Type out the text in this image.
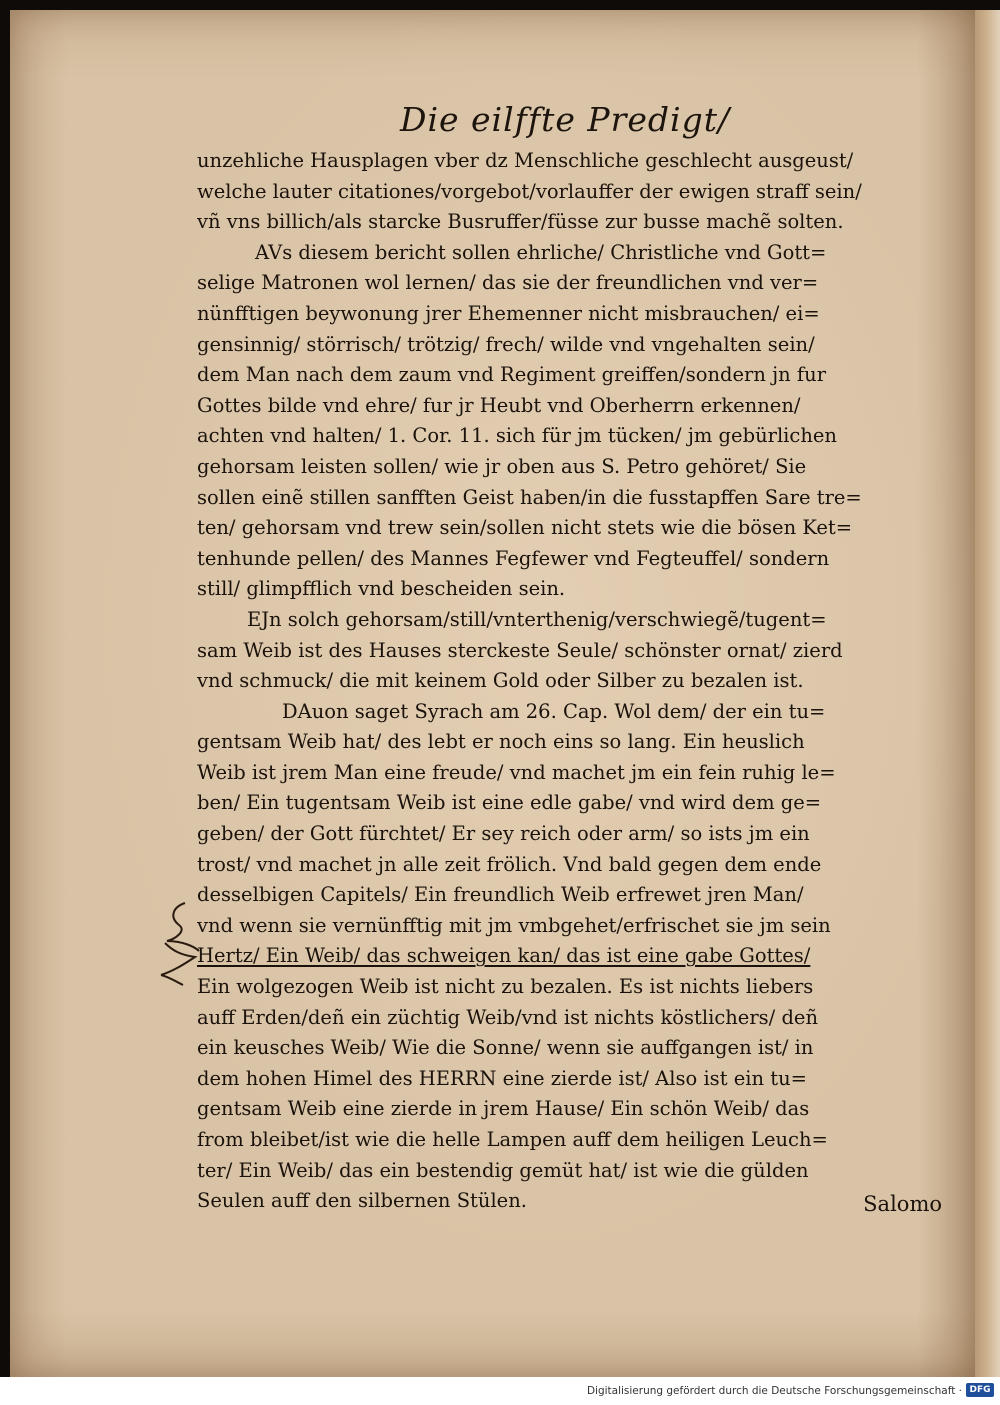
Die eilffte Predigt/
unzehliche Hausplagen vber dz Menschliche geschlecht ausgeust/
welche lauter citationes/vorgebot/vorlauffer der ewigen straff sein/
vñ vns billich/als starcke Busruffer/füsse zur busse machẽ solten.
AVs diesem bericht sollen ehrliche/ Christliche vnd Gott=
selige Matronen wol lernen/ das sie der freundlichen vnd ver=
nünfftigen beywonung jrer Ehemenner nicht misbrauchen/ ei=
gensinnig/ störrisch/ trötzig/ frech/ wilde vnd vngehalten sein/
dem Man nach dem zaum vnd Regiment greiffen/sondern jn fur
Gottes bilde vnd ehre/ fur jr Heubt vnd Oberherrn erkennen/
achten vnd halten/ 1. Cor. 11. sich für jm tücken/ jm gebürlichen
gehorsam leisten sollen/ wie jr oben aus S. Petro gehöret/ Sie
sollen einẽ stillen sanfften Geist haben/in die fusstapffen Sare tre=
ten/ gehorsam vnd trew sein/sollen nicht stets wie die bösen Ket=
tenhunde pellen/ des Mannes Fegfewer vnd Fegteuffel/ sondern
still/ glimpfflich vnd bescheiden sein.
EJn solch gehorsam/still/vnterthenig/verschwiegẽ/tugent=
sam Weib ist des Hauses sterckeste Seule/ schönster ornat/ zierd
vnd schmuck/ die mit keinem Gold oder Silber zu bezalen ist.
DAuon saget Syrach am 26. Cap. Wol dem/ der ein tu=
gentsam Weib hat/ des lebt er noch eins so lang. Ein heuslich
Weib ist jrem Man eine freude/ vnd machet jm ein fein ruhig le=
ben/ Ein tugentsam Weib ist eine edle gabe/ vnd wird dem ge=
geben/ der Gott fürchtet/ Er sey reich oder arm/ so ists jm ein
trost/ vnd machet jn alle zeit frölich. Vnd bald gegen dem ende
desselbigen Capitels/ Ein freundlich Weib erfrewet jren Man/
vnd wenn sie vernünfftig mit jm vmbgehet/erfrischet sie jm sein
Hertz/ Ein Weib/ das schweigen kan/ das ist eine gabe Gottes/
Ein wolgezogen Weib ist nicht zu bezalen. Es ist nichts liebers
auff Erden/deñ ein züchtig Weib/vnd ist nichts köstlichers/ deñ
ein keusches Weib/ Wie die Sonne/ wenn sie auffgangen ist/ in
dem hohen Himel des HERRN eine zierde ist/ Also ist ein tu=
gentsam Weib eine zierde in jrem Hause/ Ein schön Weib/ das
from bleibet/ist wie die helle Lampen auff dem heiligen Leuch=
ter/ Ein Weib/ das ein bestendig gemüt hat/ ist wie die gülden
Seulen auff den silbernen Stülen.	Salomo
Digitalisierung gefördert durch die Deutsche Forschungsgemeinschaft · DFG
